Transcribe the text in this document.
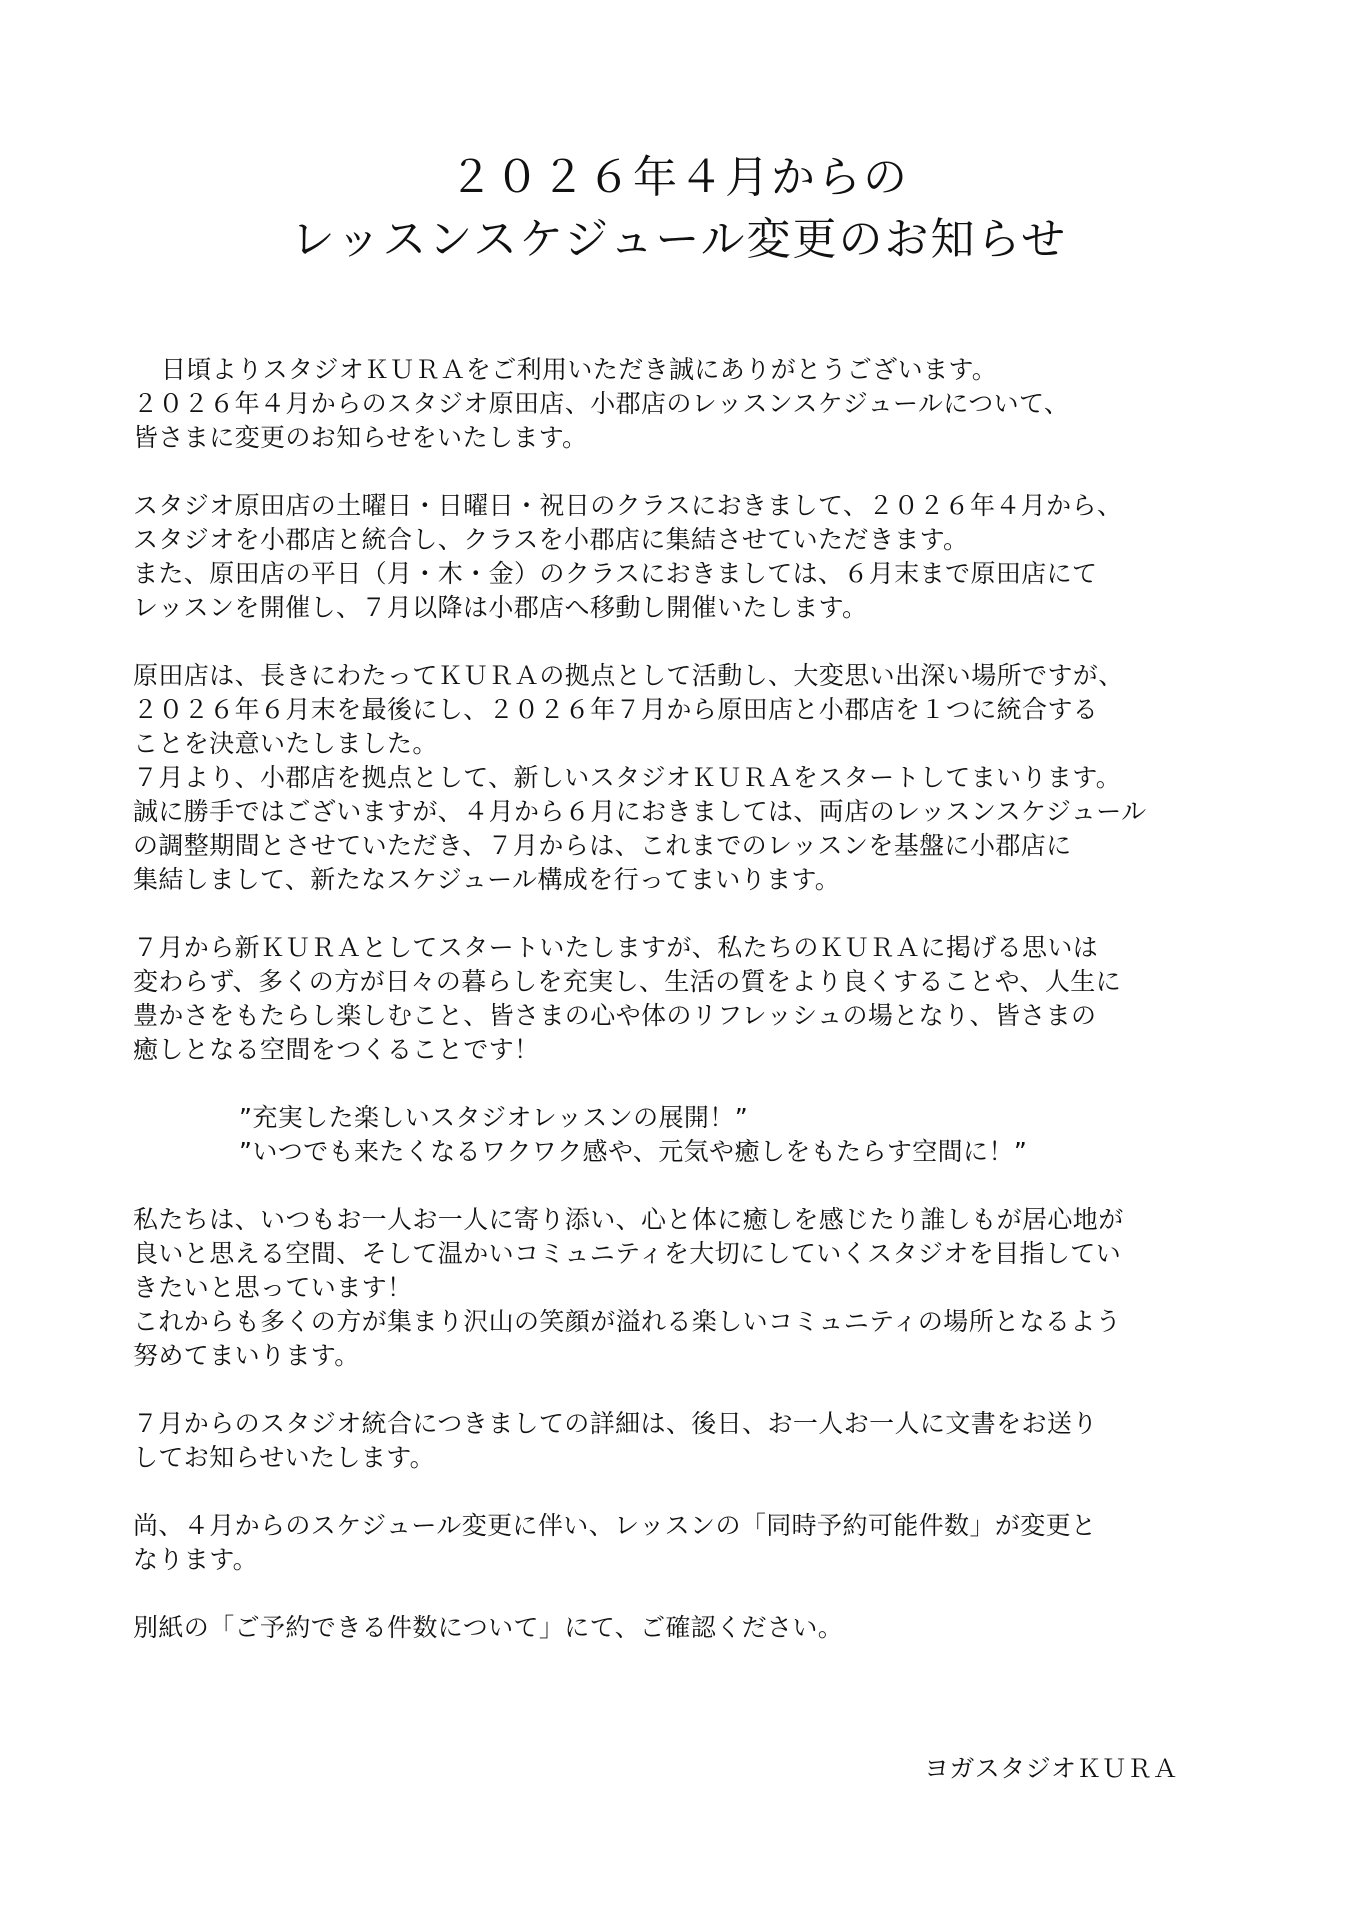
２０２６年４月からの
レッスンスケジュール変更のお知らせ
日頃よりスタジオＫＵＲＡをご利用いただき誠にありがとうございます。
２０２６年４月からのスタジオ原田店、小郡店のレッスンスケジュールについて、
皆さまに変更のお知らせをいたします。
スタジオ原田店の土曜日・日曜日・祝日のクラスにおきまして、２０２６年４月から、
スタジオを小郡店と統合し、クラスを小郡店に集結させていただきます。
また、原田店の平日（月・木・金）のクラスにおきましては、６月末まで原田店にて
レッスンを開催し、７月以降は小郡店へ移動し開催いたします。
原田店は、長きにわたってＫＵＲＡの拠点として活動し、大変思い出深い場所ですが、
２０２６年６月末を最後にし、２０２６年７月から原田店と小郡店を１つに統合する
ことを決意いたしました。
７月より、小郡店を拠点として、新しいスタジオＫＵＲＡをスタートしてまいります。
誠に勝手ではございますが、４月から６月におきましては、両店のレッスンスケジュール
の調整期間とさせていただき、７月からは、これまでのレッスンを基盤に小郡店に
集結しまして、新たなスケジュール構成を行ってまいります。
７月から新ＫＵＲＡとしてスタートいたしますが、私たちのＫＵＲＡに掲げる思いは
変わらず、多くの方が日々の暮らしを充実し、生活の質をより良くすることや、人生に
豊かさをもたらし楽しむこと、皆さまの心や体のリフレッシュの場となり、皆さまの
癒しとなる空間をつくることです！
”充実した楽しいスタジオレッスンの展開！”
”いつでも来たくなるワクワク感や、元気や癒しをもたらす空間に！”
私たちは、いつもお一人お一人に寄り添い、心と体に癒しを感じたり誰しもが居心地が
良いと思える空間、そして温かいコミュニティを大切にしていくスタジオを目指してい
きたいと思っています！
これからも多くの方が集まり沢山の笑顔が溢れる楽しいコミュニティの場所となるよう
努めてまいります。
７月からのスタジオ統合につきましての詳細は、後日、お一人お一人に文書をお送り
してお知らせいたします。
尚、４月からのスケジュール変更に伴い、レッスンの「同時予約可能件数」が変更と
なります。
別紙の「ご予約できる件数について」にて、ご確認ください。
ヨガスタジオＫＵＲＡ
